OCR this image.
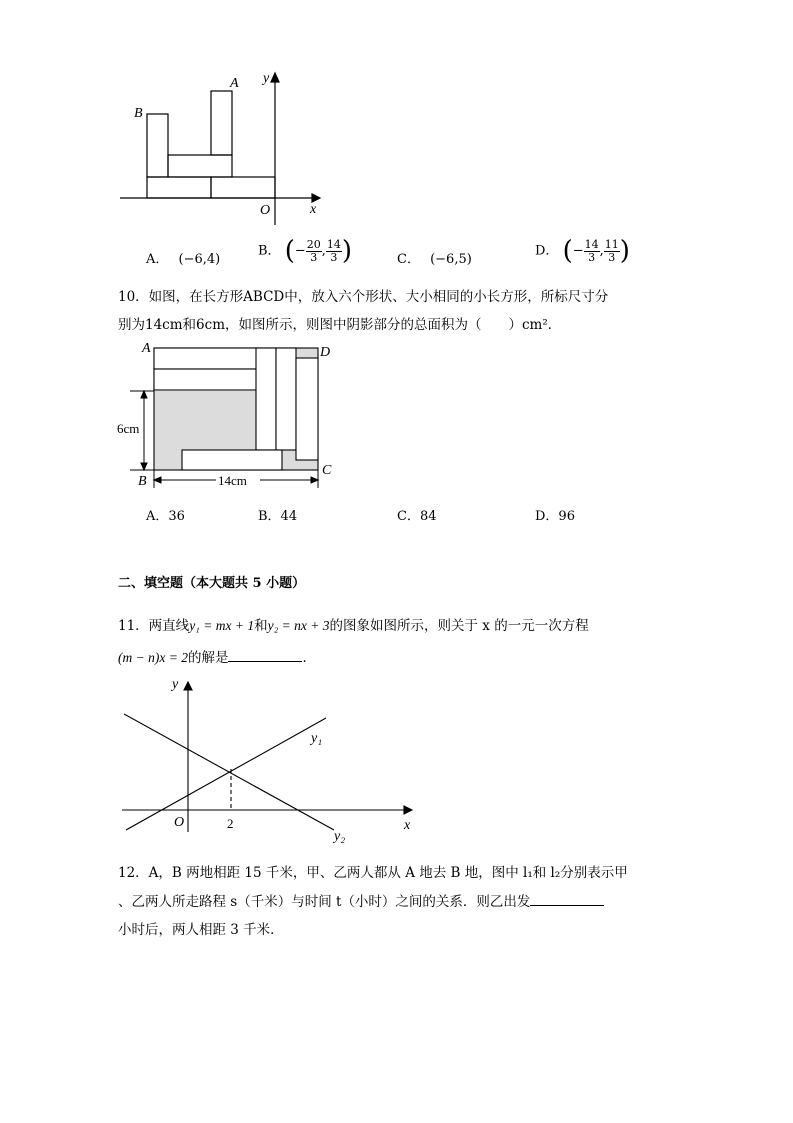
A
B
O	x
y
A． (−6,4)
B． (− $\frac{20}{3}$ , $\frac{14}{3}$ )	C． (−6,5)
D． (− $\frac{14}{3}$ , $\frac{11}{3}$ )
10．如图，在长方形ABCD中，放入六个形状、大小相同的小长方形，所标尺寸分
别为14cm和6cm，如图所示，则图中阴影部分的总面积为（　　）cm²．
A	D
B
C
6cm
14cm
A．36	B．44	C．84	D．96
二、填空题（本大题共 5 小题）
11．两直线y₁ = mx + 1和y₂ = nx + 3的图象如图所示，则关于 x 的一元一次方程
(m − n)x = 2的解是	．
y
x
O	2
y₁
y₂
12．A，B 两地相距 15 千米，甲、乙两人都从 A 地去 B 地，图中 l₁和 l₂分别表示甲
、乙两人所走路程 s（千米）与时间 t（小时）之间的关系．则乙出发
小时后，两人相距 3 千米．
